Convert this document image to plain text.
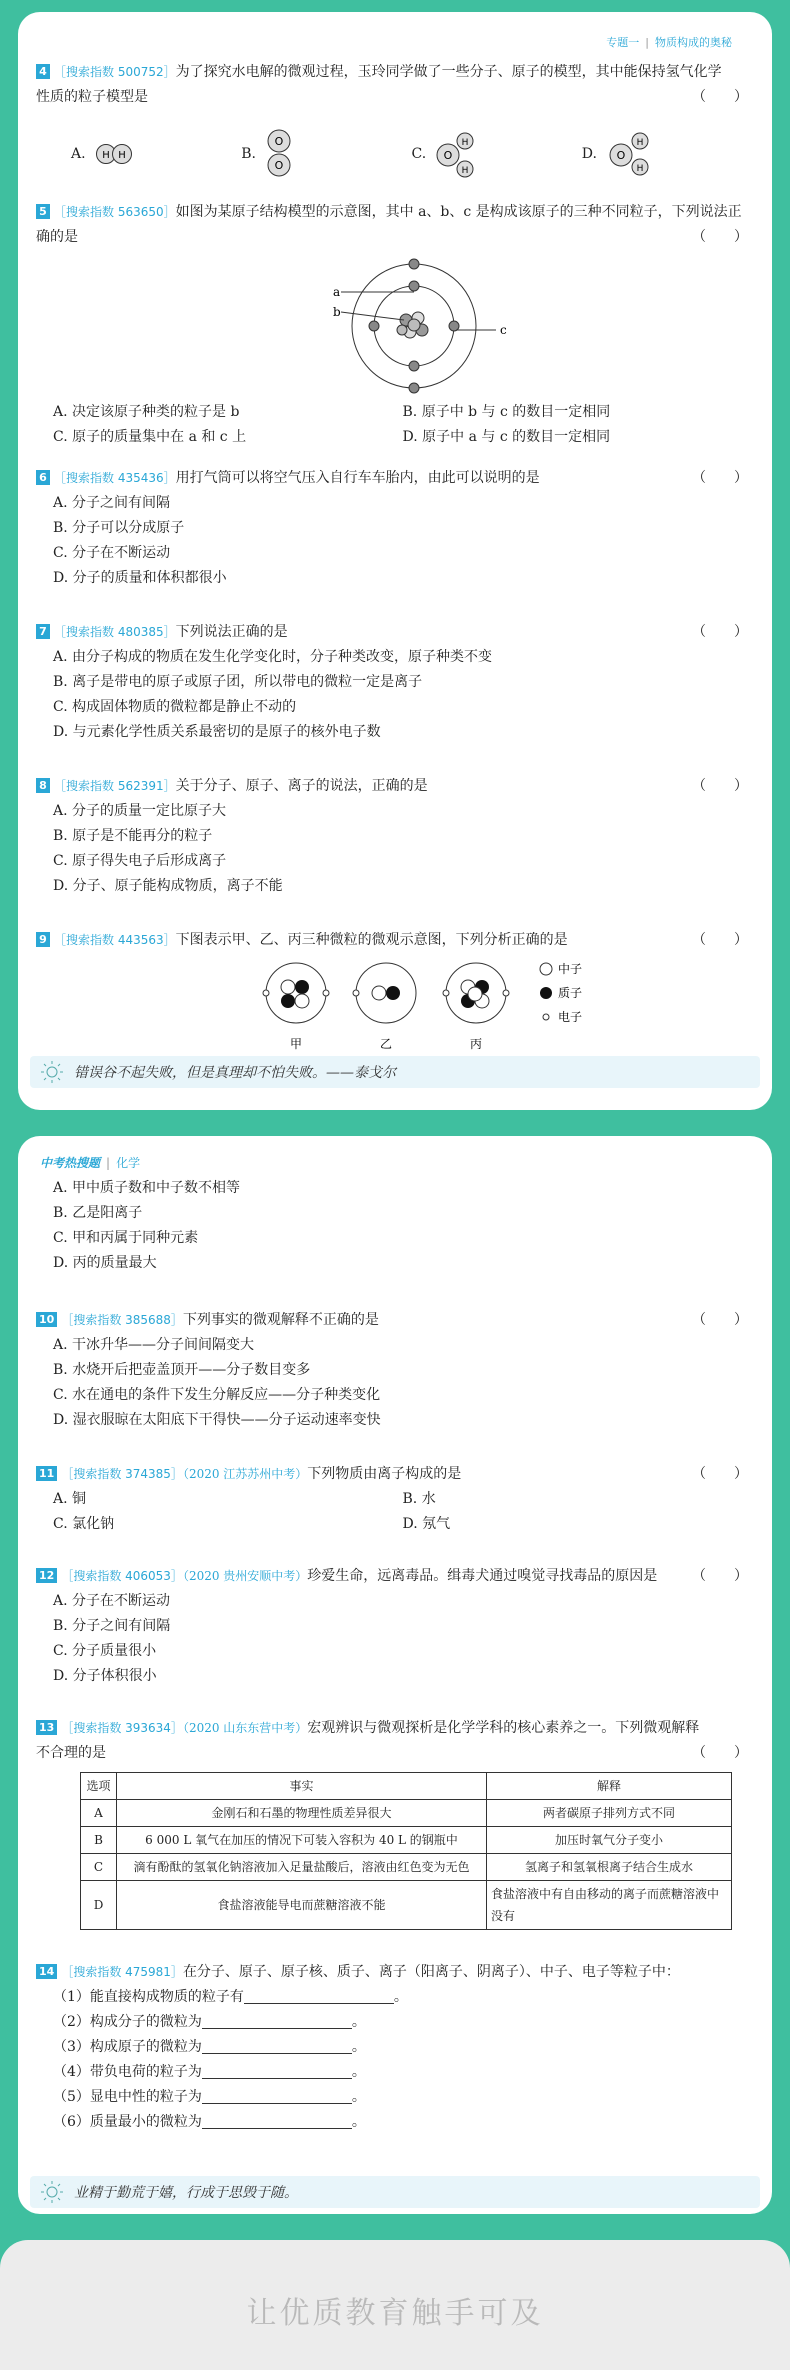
专题一 | 物质构成的奥秘
4 ［搜索指数 500752］为了探究水电解的微观过程，玉玲同学做了一些分子、原子的模型，其中能保持氢气化学
性质的粒子模型是	（　　）
A. H H	B.
O
O
C. O
H
H
D. O
H
H
5 ［搜索指数 563650］如图为某原子结构模型的示意图，其中 a、b、c 是构成该原子的三种不同粒子，下列说法正
确的是	（　　）
a
b
c
A. 决定该原子种类的粒子是 b	B. 原子中 b 与 c 的数目一定相同
C. 原子的质量集中在 a 和 c 上	D. 原子中 a 与 c 的数目一定相同
6 ［搜索指数 435436］用打气筒可以将空气压入自行车车胎内，由此可以说明的是	（　　）
A. 分子之间有间隔
B. 分子可以分成原子
C. 分子在不断运动
D. 分子的质量和体积都很小
7 ［搜索指数 480385］下列说法正确的是	（　　）
A. 由分子构成的物质在发生化学变化时，分子种类改变，原子种类不变
B. 离子是带电的原子或原子团，所以带电的微粒一定是离子
C. 构成固体物质的微粒都是静止不动的
D. 与元素化学性质关系最密切的是原子的核外电子数
8 ［搜索指数 562391］关于分子、原子、离子的说法，正确的是	（　　）
A. 分子的质量一定比原子大
B. 原子是不能再分的粒子
C. 原子得失电子后形成离子
D. 分子、原子能构成物质，离子不能
9 ［搜索指数 443563］下图表示甲、乙、丙三种微粒的微观示意图，下列分析正确的是	（　　）
甲	乙	丙
中子
质子
电子
错误谷不起失败，但是真理却不怕失败。——泰戈尔
中考热搜题 | 化学
A. 甲中质子数和中子数不相等
B. 乙是阳离子
C. 甲和丙属于同种元素
D. 丙的质量最大
10 ［搜索指数 385688］下列事实的微观解释不正确的是	（　　）
A. 干冰升华——分子间间隔变大
B. 水烧开后把壶盖顶开——分子数目变多
C. 水在通电的条件下发生分解反应——分子种类变化
D. 湿衣服晾在太阳底下干得快——分子运动速率变快
11 ［搜索指数 374385］（2020 江苏苏州中考）下列物质由离子构成的是	（　　）
A. 铜	B. 水
C. 氯化钠	D. 氖气
12 ［搜索指数 406053］（2020 贵州安顺中考）珍爱生命，远离毒品。缉毒犬通过嗅觉寻找毒品的原因是 （　　）
A. 分子在不断运动
B. 分子之间有间隔
C. 分子质量很小
D. 分子体积很小
13 ［搜索指数 393634］（2020 山东东营中考）宏观辨识与微观探析是化学学科的核心素养之一。下列微观解释
不合理的是	（　　）
选项	事实	解释
A	金刚石和石墨的物理性质差异很大	两者碳原子排列方式不同
B	6 000 L 氧气在加压的情况下可装入容积为 40 L 的钢瓶中	加压时氧气分子变小
C	滴有酚酞的氢氧化钠溶液加入足量盐酸后，溶液由红色变为无色	氢离子和氢氧根离子结合生成水
D	食盐溶液能导电而蔗糖溶液不能	食盐溶液中有自由移动的离子而蔗糖溶液中没有
14 ［搜索指数 475981］在分子、原子、原子核、质子、离子（阳离子、阴离子）、中子、电子等粒子中：
（1）能直接构成物质的粒子有	。
（2）构成分子的微粒为	。
（3）构成原子的微粒为	。
（4）带负电荷的粒子为	。
（5）显电中性的粒子为	。
（6）质量最小的微粒为	。
业精于勤荒于嬉，行成于思毁于随。
让优质教育触手可及
